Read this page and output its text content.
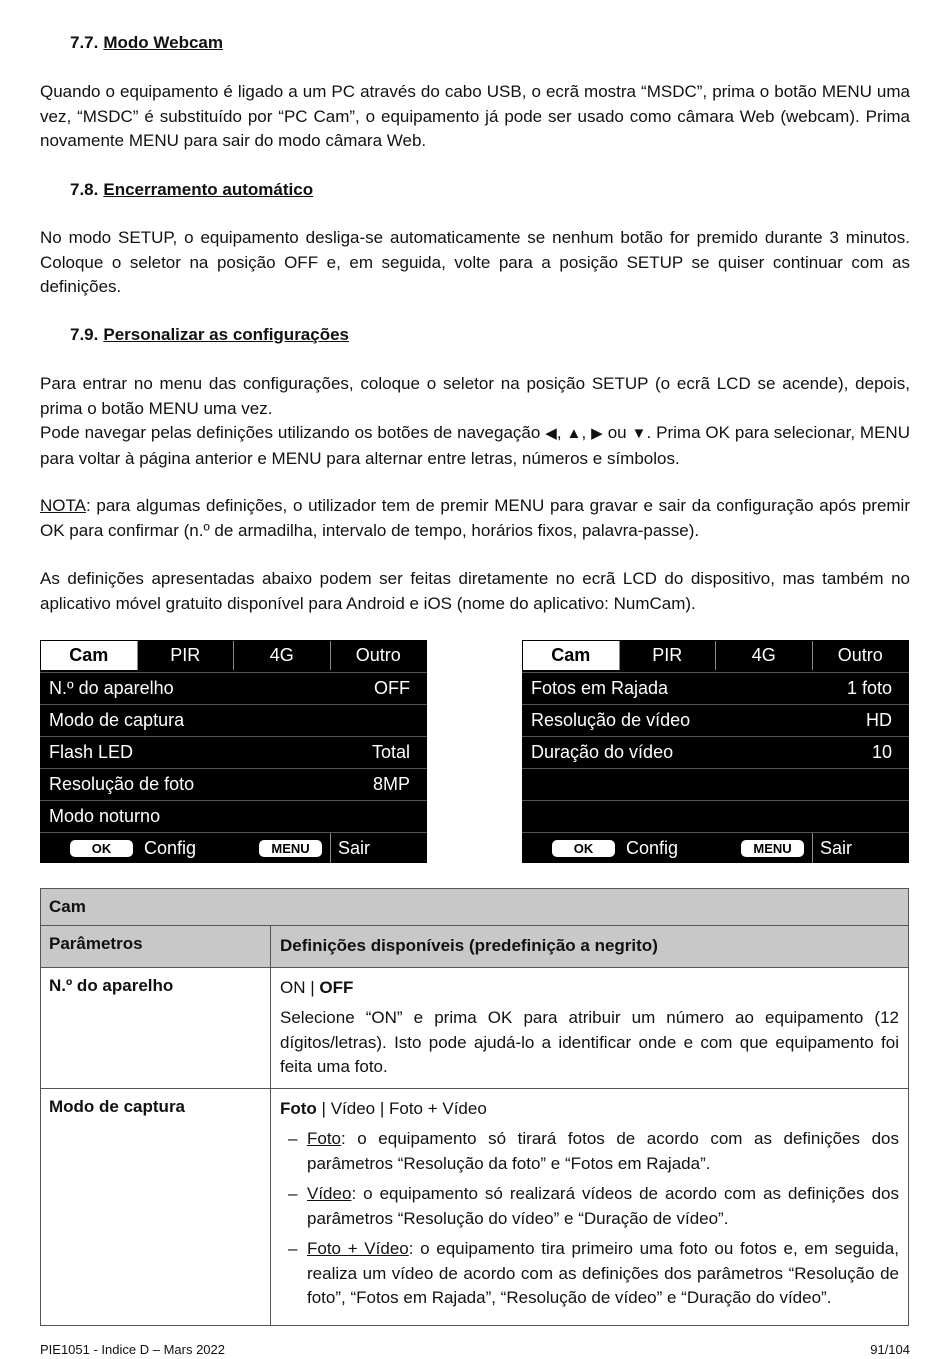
7.7. Modo Webcam
Quando o equipamento é ligado a um PC através do cabo USB, o ecrã mostra “MSDC”, prima o botão MENU uma vez, “MSDC” é substituído por “PC Cam”, o equipamento já pode ser usado como câmara Web (webcam). Prima novamente MENU para sair do modo câmara Web.
7.8. Encerramento automático
No modo SETUP, o equipamento desliga-se automaticamente se nenhum botão for premido durante 3 minutos. Coloque o seletor na posição OFF e, em seguida, volte para a posição SETUP se quiser continuar com as definições.
7.9. Personalizar as configurações
Para entrar no menu das configurações, coloque o seletor na posição SETUP (o ecrã LCD se acende), depois, prima o botão MENU uma vez.
Pode navegar pelas definições utilizando os botões de navegação ◀, ▲, ▶ ou ▼. Prima OK para selecionar, MENU para voltar à página anterior e MENU para alternar entre letras, números e símbolos.
NOTA: para algumas definições, o utilizador tem de premir MENU para gravar e sair da configuração após premir OK para confirmar (n.º de armadilha, intervalo de tempo, horários fixos, palavra-passe).
As definições apresentadas abaixo podem ser feitas diretamente no ecrã LCD do dispositivo, mas também no aplicativo móvel gratuito disponível para Android e iOS (nome do aplicativo: NumCam).
Cam	PIR	4G	Outro
N.º do aparelho	OFF
Modo de captura
Flash LED	Total
Resolução de foto	8MP
Modo noturno
OK	Config	MENU	Sair
Cam	PIR	4G	Outro
Fotos em Rajada	1 foto
Resolução de vídeo	HD
Duração do vídeo	10
OK	Config	MENU	Sair
Cam
Parâmetros	Definições disponíveis (predefinição a negrito)
N.º do aparelho	ON | OFF
Selecione “ON” e prima OK para atribuir um número ao equipamento (12 dígitos/letras). Isto pode ajudá-lo a identificar onde e com que equipamento foi feita uma foto.
Modo de captura	Foto | Vídeo | Foto + Vídeo
– Foto: o equipamento só tirará fotos de acordo com as definições dos parâmetros “Resolução da foto” e “Fotos em Rajada”.
– Vídeo: o equipamento só realizará vídeos de acordo com as definições dos parâmetros “Resolução do vídeo” e “Duração de vídeo”.
– Foto + Vídeo: o equipamento tira primeiro uma foto ou fotos e, em seguida, realiza um vídeo de acordo com as definições dos parâmetros “Resolução de foto”, “Fotos em Rajada”, “Resolução de vídeo” e “Duração do vídeo”.
PIE1051 - Indice D – Mars 2022	91/104
